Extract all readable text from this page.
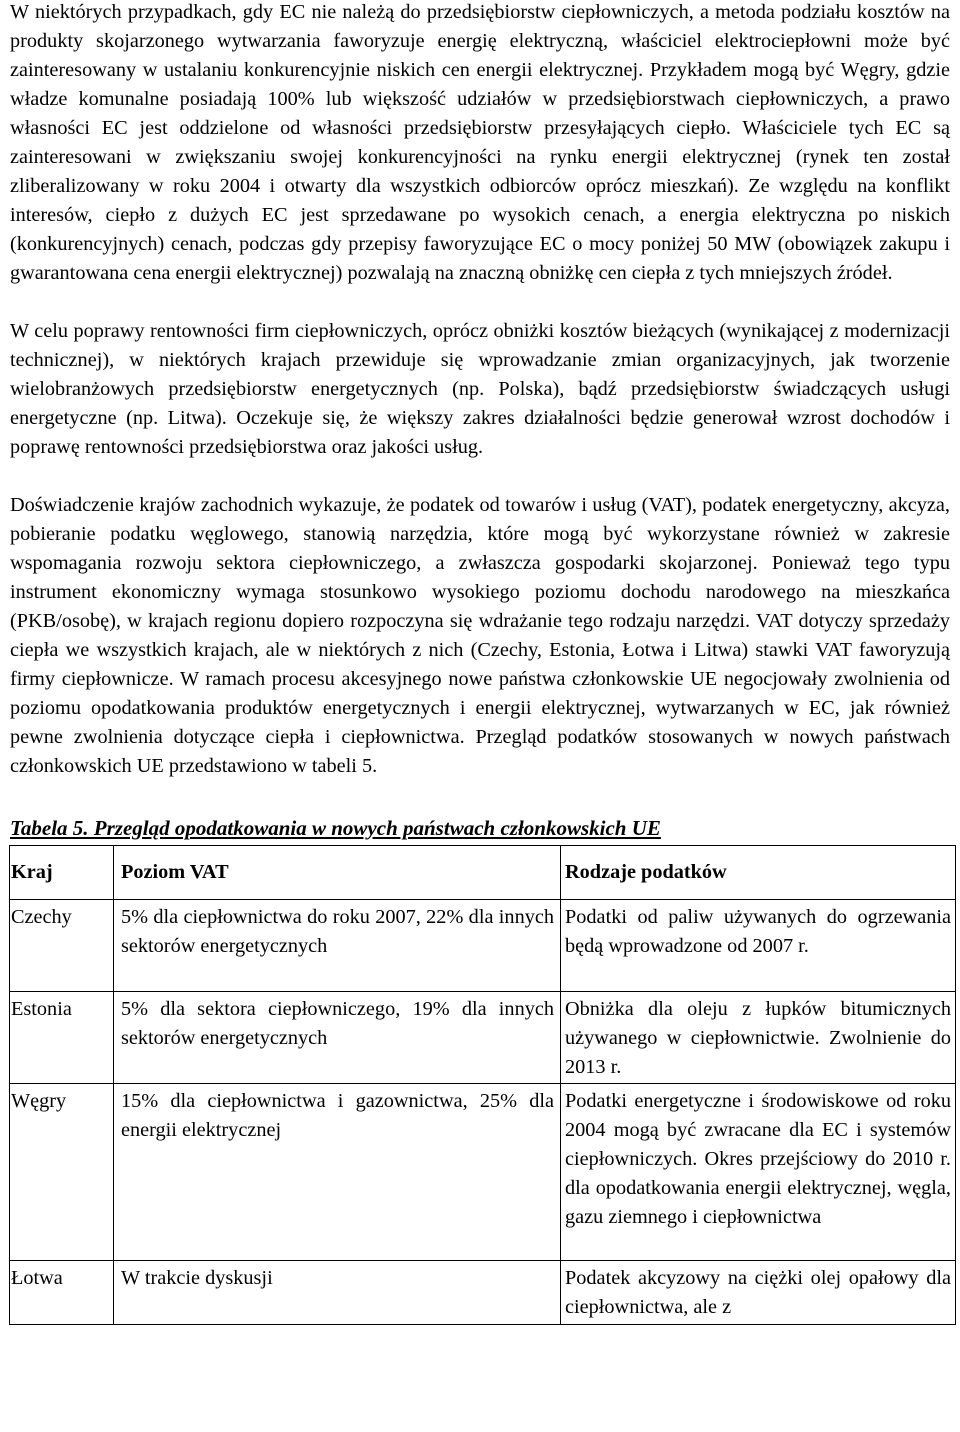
W niektórych przypadkach, gdy EC nie należą do przedsiębiorstw ciepłowniczych, a metoda podziału kosztów na produkty skojarzonego wytwarzania faworyzuje energię elektryczną, właściciel elektrociepłowni może być zainteresowany w ustalaniu konkurencyjnie niskich cen energii elektrycznej. Przykładem mogą być Węgry, gdzie władze komunalne posiadają 100% lub większość udziałów w przedsiębiorstwach ciepłowniczych, a prawo własności EC jest oddzielone od własności przedsiębiorstw przesyłających ciepło. Właściciele tych EC są zainteresowani w zwiększaniu swojej konkurencyjności na rynku energii elektrycznej (rynek ten został zliberalizowany w roku 2004 i otwarty dla wszystkich odbiorców oprócz mieszkań). Ze względu na konflikt interesów, ciepło z dużych EC jest sprzedawane po wysokich cenach, a energia elektryczna po niskich (konkurencyjnych) cenach, podczas gdy przepisy faworyzujące EC o mocy poniżej 50 MW (obowiązek zakupu i gwarantowana cena energii elektrycznej) pozwalają na znaczną obniżkę cen ciepła z tych mniejszych źródeł.

W celu poprawy rentowności firm ciepłowniczych, oprócz obniżki kosztów bieżących (wynikającej z modernizacji technicznej), w niektórych krajach przewiduje się wprowadzanie zmian organizacyjnych, jak tworzenie wielobranżowych przedsiębiorstw energetycznych (np. Polska), bądź przedsiębiorstw świadczących usługi energetyczne (np. Litwa). Oczekuje się, że większy zakres działalności będzie generował wzrost dochodów i poprawę rentowności przedsiębiorstwa oraz jakości usług.

Doświadczenie krajów zachodnich wykazuje, że podatek od towarów i usług (VAT), podatek energetyczny, akcyza, pobieranie podatku węglowego, stanowią narzędzia, które mogą być wykorzystane również w zakresie wspomagania rozwoju sektora ciepłowniczego, a zwłaszcza gospodarki skojarzonej. Ponieważ tego typu instrument ekonomiczny wymaga stosunkowo wysokiego poziomu dochodu narodowego na mieszkańca (PKB/osobę), w krajach regionu dopiero rozpoczyna się wdrażanie tego rodzaju narzędzi. VAT dotyczy sprzedaży ciepła we wszystkich krajach, ale w niektórych z nich (Czechy, Estonia, Łotwa i Litwa) stawki VAT faworyzują firmy ciepłownicze. W ramach procesu akcesyjnego nowe państwa członkowskie UE negocjowały zwolnienia od poziomu opodatkowania produktów energetycznych i energii elektrycznej, wytwarzanych w EC, jak również pewne zwolnienia dotyczące ciepła i ciepłownictwa. Przegląd podatków stosowanych w nowych państwach członkowskich UE przedstawiono w tabeli 5.

Tabela 5. Przegląd opodatkowania w nowych państwach członkowskich UE
Kraj	Poziom VAT	Rodzaje podatków
Czechy	5% dla ciepłownictwa do roku 2007, 22% dla innych sektorów energetycznych	Podatki od paliw używanych do ogrzewania będą wprowadzone od 2007 r.
Estonia	5% dla sektora ciepłowniczego, 19% dla innych sektorów energetycznych	Obniżka dla oleju z łupków bitumicznych używanego w ciepłownictwie. Zwolnienie do 2013 r.
Węgry	15% dla ciepłownictwa i gazownictwa, 25% dla energii elektrycznej	Podatki energetyczne i środowiskowe od roku 2004 mogą być zwracane dla EC i systemów ciepłowniczych. Okres przejściowy do 2010 r. dla opodatkowania energii elektrycznej, węgla, gazu ziemnego i ciepłownictwa
Łotwa	W trakcie dyskusji	Podatek akcyzowy na ciężki olej opałowy dla ciepłownictwa, ale z
